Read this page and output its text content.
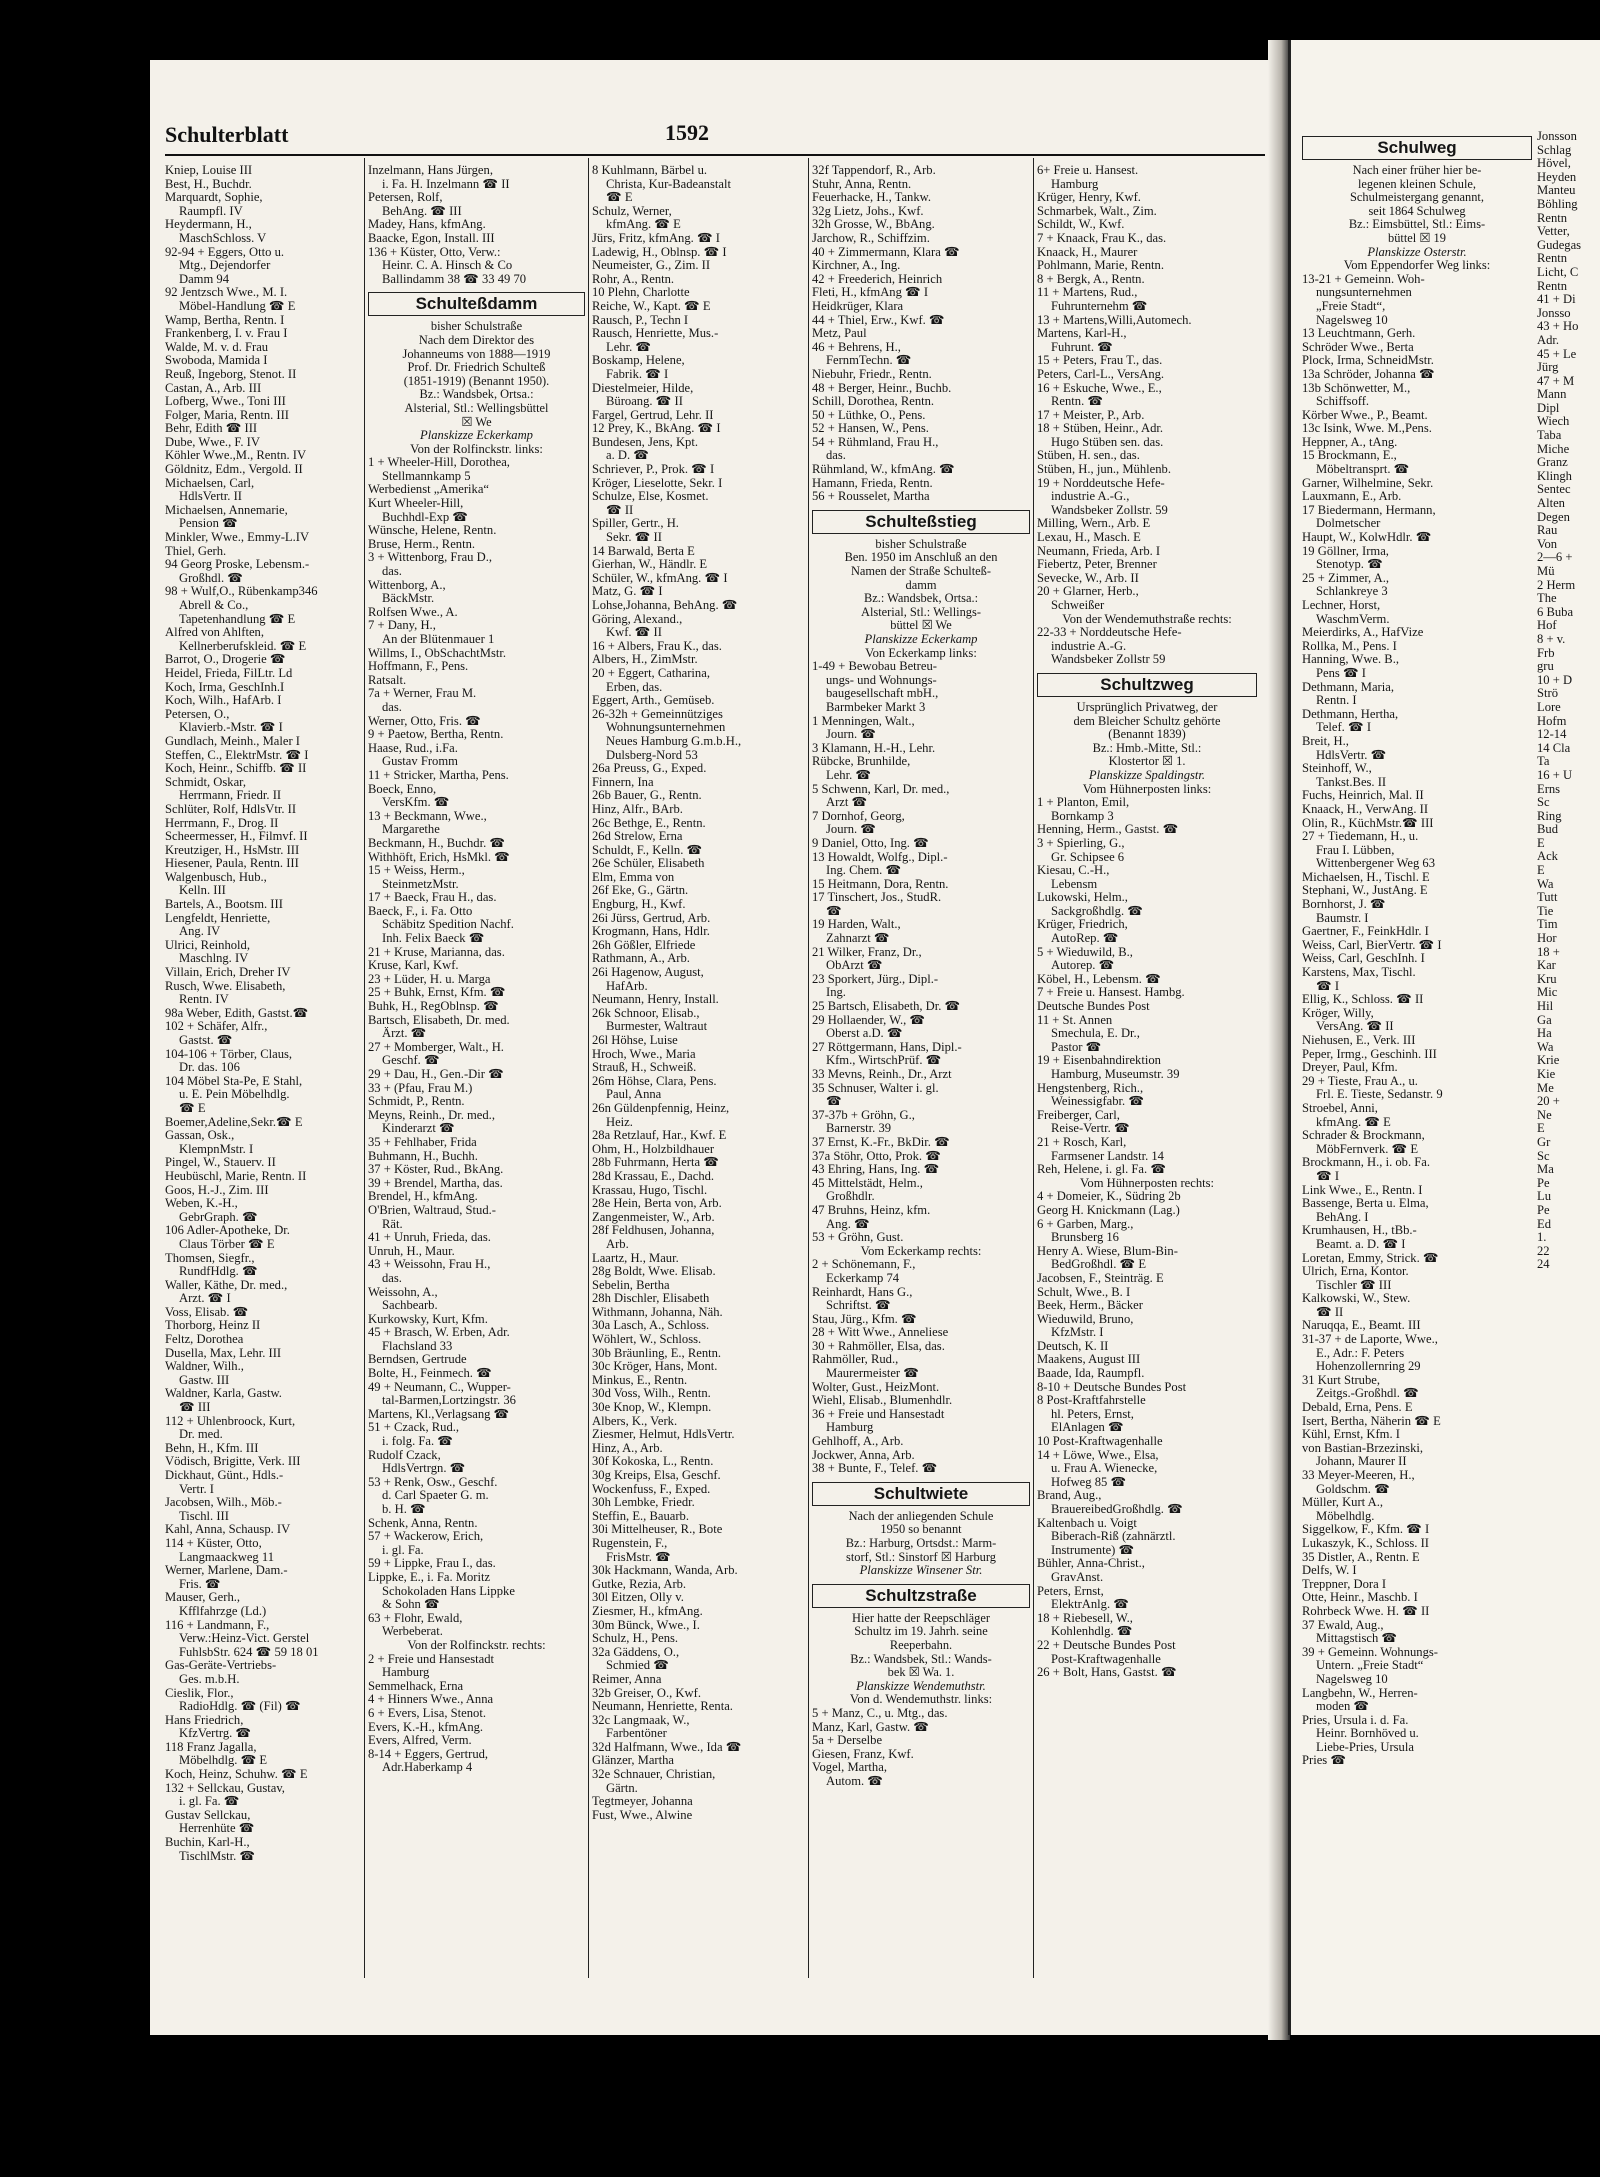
Schulterblatt	1592
Kniep, Louise III
Best, H., Buchdr.
Marquardt, Sophie,
Raumpfl. IV
Heydermann, H.,
MaschSchloss. V
92-94 + Eggers, Otto u.
Mtg., Dejendorfer
Damm 94
92 Jentzsch Wwe., M. I.
Möbel-Handlung ☎ E
Wamp, Bertha, Rentn. I
Frankenberg, I. v. Frau I
Walde, M. v. d. Frau
Swoboda, Mamida I
Reuß, Ingeborg, Stenot. II
Castan, A., Arb. III
Lofberg, Wwe., Toni III
Folger, Maria, Rentn. III
Behr, Edith ☎ III
Dube, Wwe., F. IV
Köhler Wwe.,M., Rentn. IV
Göldnitz, Edm., Vergold. II
Michaelsen, Carl,
HdlsVertr. II
Michaelsen, Annemarie,
Pension ☎
Minkler, Wwe., Emmy-L.IV
Thiel, Gerh.
94 Georg Proske, Lebensm.-
Großhdl. ☎
98 + Wulf,O., Rübenkamp346
Abrell & Co.,
Tapetenhandlung ☎ E
Alfred von Ahlften,
Kellnerberufskleid. ☎ E
Barrot, O., Drogerie ☎
Heidel, Frieda, FilLtr. Ld
Koch, Irma, GeschInh.I
Koch, Wilh., HafArb. I
Petersen, O.,
Klavierb.-Mstr. ☎ I
Gundlach, Meinh., Maler I
Steffen, C., ElektrMstr. ☎ I
Koch, Heinr., Schiffb. ☎ II
Schmidt, Oskar,
Herrmann, Friedr. II
Schlüter, Rolf, HdlsVtr. II
Herrmann, F., Drog. II
Scheermesser, H., Filmvf. II
Kreutziger, H., HsMstr. III
Hiesener, Paula, Rentn. III
Walgenbusch, Hub.,
Kelln. III
Bartels, A., Bootsm. III
Lengfeldt, Henriette,
Ang. IV
Ulrici, Reinhold,
Maschlng. IV
Villain, Erich, Dreher IV
Rusch, Wwe. Elisabeth,
Rentn. IV
98a Weber, Edith, Gastst.☎
102 + Schäfer, Alfr.,
Gastst. ☎
104-106 + Törber, Claus,
Dr. das. 106
104 Möbel Sta-Pe, E Stahl,
u. E. Pein Möbelhdlg.
☎ E
Boemer,Adeline,Sekr.☎ E
Gassan, Osk.,
KlempnMstr. I
Pingel, W., Stauerv. II
Heubüschl, Marie, Rentn. II
Goos, H.-J., Zim. III
Weben, K.-H.,
GebrGraph. ☎
106 Adler-Apotheke, Dr.
Claus Törber ☎ E
Thomsen, Siegfr.,
RundfHdlg. ☎
Waller, Käthe, Dr. med.,
Arzt. ☎ I
Voss, Elisab. ☎
Thorborg, Heinz II
Feltz, Dorothea
Dusella, Max, Lehr. III
Waldner, Wilh.,
Gastw. III
Waldner, Karla, Gastw.
☎ III
112 + Uhlenbroock, Kurt,
Dr. med.
Behn, H., Kfm. III
Vödisch, Brigitte, Verk. III
Dickhaut, Günt., Hdls.-
Vertr. I
Jacobsen, Wilh., Möb.-
Tischl. III
Kahl, Anna, Schausp. IV
114 + Küster, Otto,
Langmaackweg 11
Werner, Marlene, Dam.-
Fris. ☎
Mauser, Gerh.,
Kfflfahrzge (Ld.)
116 + Landmann, F.,
Verw.:Heinz-Vict. Gerstel
FuhlsbStr. 624 ☎ 59 18 01
Gas-Geräte-Vertriebs-
Ges. m.b.H.
Cieslik, Flor.,
RadioHdlg. ☎ (Fil) ☎
Hans Friedrich,
KfzVertrg. ☎
118 Franz Jagalla,
Möbelhdlg. ☎ E
Koch, Heinz, Schuhw. ☎ E
132 + Sellckau, Gustav,
i. gl. Fa. ☎
Gustav Sellckau,
Herrenhüte ☎
Buchin, Karl-H.,
TischlMstr. ☎
Inzelmann, Hans Jürgen,
i. Fa. H. Inzelmann ☎ II
Petersen, Rolf,
BehAng. ☎ III
Madey, Hans, kfmAng.
Baacke, Egon, Install. III
136 + Küster, Otto, Verw.:
Heinr. C. A. Hinsch & Co
Ballindamm 38 ☎ 33 49 70
Schulteßdamm
bisher Schulstraße
Nach dem Direktor des
Johanneums von 1888—1919
Prof. Dr. Friedrich Schulteß
(1851-1919) (Benannt 1950).
Bz.: Wandsbek, Ortsa.:
Alsterial, Stl.: Wellingsbüttel
☒ We
Planskizze Eckerkamp
Von der Rolfinckstr. links:
1 + Wheeler-Hill, Dorothea,
Stellmannkamp 5
Werbedienst „Amerika“
Kurt Wheeler-Hill,
Buchhdl-Exp ☎
Wünsche, Helene, Rentn.
Bruse, Herm., Rentn.
3 + Wittenborg, Frau D.,
das.
Wittenborg, A.,
BäckMstr.
Rolfsen Wwe., A.
7 + Dany, H.,
An der Blütenmauer 1
Willms, I., ObSchachtMstr.
Hoffmann, F., Pens.
Ratsalt.
7a + Werner, Frau M.
das.
Werner, Otto, Fris. ☎
9 + Paetow, Bertha, Rentn.
Haase, Rud., i.Fa.
Gustav Fromm
11 + Stricker, Martha, Pens.
Boeck, Enno,
VersKfm. ☎
13 + Beckmann, Wwe.,
Margarethe
Beckmann, H., Buchdr. ☎
Withhöft, Erich, HsMkl. ☎
15 + Weiss, Herm.,
SteinmetzMstr.
17 + Baeck, Frau H., das.
Baeck, F., i. Fa. Otto
Schäbitz Spedition Nachf.
Inh. Felix Baeck ☎
21 + Kruse, Marianna, das.
Kruse, Karl, Kwf.
23 + Lüder, H. u. Marga
25 + Buhk, Ernst, Kfm. ☎
Buhk, H., RegOblnsp. ☎
Bartsch, Elisabeth, Dr. med.
Ärzt. ☎
27 + Momberger, Walt., H.
Geschf. ☎
29 + Dau, H., Gen.-Dir ☎
33 + (Pfau, Frau M.)
Schmidt, P., Rentn.
Meyns, Reinh., Dr. med.,
Kinderarzt ☎
35 + Fehlhaber, Frida
Buhmann, H., Buchh.
37 + Köster, Rud., BkAng.
39 + Brendel, Martha, das.
Brendel, H., kfmAng.
O'Brien, Waltraud, Stud.-
Rät.
41 + Unruh, Frieda, das.
Unruh, H., Maur.
43 + Weissohn, Frau H.,
das.
Weissohn, A.,
Sachbearb.
Kurkowsky, Kurt, Kfm.
45 + Brasch, W. Erben, Adr.
Flachsland 33
Berndsen, Gertrude
Bolte, H., Feinmech. ☎
49 + Neumann, C., Wupper-
tal-Barmen,Lortzingstr. 36
Martens, Kl.,Verlagsang ☎
51 + Czack, Rud.,
i. folg. Fa. ☎
Rudolf Czack,
HdlsVertrgn. ☎
53 + Renk, Osw., Geschf.
d. Carl Spaeter G. m.
b. H. ☎
Schenk, Anna, Rentn.
57 + Wackerow, Erich,
i. gl. Fa.
59 + Lippke, Frau I., das.
Lippke, E., i. Fa. Moritz
Schokoladen Hans Lippke
& Sohn ☎
63 + Flohr, Ewald,
Werbeberat.
Von der Rolfinckstr. rechts:
2 + Freie und Hansestadt
Hamburg
Semmelhack, Erna
4 + Hinners Wwe., Anna
6 + Evers, Lisa, Stenot.
Evers, K.-H., kfmAng.
Evers, Alfred, Verm.
8-14 + Eggers, Gertrud,
Adr.Haberkamp 4
8 Kuhlmann, Bärbel u.
Christa, Kur-Badeanstalt
☎ E
Schulz, Werner,
kfmAng. ☎ E
Jürs, Fritz, kfmAng. ☎ I
Ladewig, H., Oblnsp. ☎ I
Neumeister, G., Zim. II
Rohr, A., Rentn.
10 Plehn, Charlotte
Reiche, W., Kapt. ☎ E
Rausch, P., Techn I
Rausch, Henriette, Mus.-
Lehr. ☎
Boskamp, Helene,
Fabrik. ☎ I
Diestelmeier, Hilde,
Büroang. ☎ II
Fargel, Gertrud, Lehr. II
12 Prey, K., BkAng. ☎ I
Bundesen, Jens, Kpt.
a. D. ☎
Schriever, P., Prok. ☎ I
Kröger, Lieselotte, Sekr. I
Schulze, Else, Kosmet.
☎ II
Spiller, Gertr., H.
Sekr. ☎ II
14 Barwald, Berta E
Gierhan, W., Händlr. E
Schüler, W., kfmAng. ☎ I
Matz, G. ☎ I
Lohse,Johanna, BehAng. ☎
Göring, Alexand.,
Kwf. ☎ II
16 + Albers, Frau K., das.
Albers, H., ZimMstr.
20 + Eggert, Catharina,
Erben, das.
Eggert, Arth., Gemüseb.
26-32h + Gemeinnütziges
Wohnungsunternehmen
Neues Hamburg G.m.b.H.,
Dulsberg-Nord 53
26a Preuss, G., Exped.
Finnern, Ina
26b Bauer, G., Rentn.
Hinz, Alfr., BArb.
26c Bethge, E., Rentn.
26d Strelow, Erna
Schuldt, F., Kelln. ☎
26e Schüler, Elisabeth
Elm, Emma von
26f Eke, G., Gärtn.
Engburg, H., Kwf.
26i Jürss, Gertrud, Arb.
Krogmann, Hans, Hdlr.
26h Gößler, Elfriede
Rathmann, A., Arb.
26i Hagenow, August,
HafArb.
Neumann, Henry, Install.
26k Schnoor, Elisab.,
Burmester, Waltraut
26l Höhse, Luise
Hroch, Wwe., Maria
Strauß, H., Schweiß.
26m Höhse, Clara, Pens.
Paul, Anna
26n Güldenpfennig, Heinz,
Heiz.
28a Retzlauf, Har., Kwf. E
Ohm, H., Holzbildhauer
28b Fuhrmann, Herta ☎
28d Krassau, E., Dachd.
Krassau, Hugo, Tischl.
28e Hein, Berta von, Arb.
Zangenmeister, W., Arb.
28f Feldhusen, Johanna,
Arb.
Laartz, H., Maur.
28g Boldt, Wwe. Elisab.
Sebelin, Bertha
28h Dischler, Elisabeth
Withmann, Johanna, Näh.
30a Lasch, A., Schloss.
Wöhlert, W., Schloss.
30b Bräunling, E., Rentn.
30c Kröger, Hans, Mont.
Minkus, E., Rentn.
30d Voss, Wilh., Rentn.
30e Knop, W., Klempn.
Albers, K., Verk.
Ziesmer, Helmut, HdlsVertr.
Hinz, A., Arb.
30f Kokoska, L., Rentn.
30g Kreips, Elsa, Geschf.
Wockenfuss, F., Exped.
30h Lembke, Friedr.
Steffin, E., Bauarb.
30i Mittelheuser, R., Bote
Rugenstein, F.,
FrisMstr. ☎
30k Hackmann, Wanda, Arb.
Gutke, Rezia, Arb.
30l Eitzen, Olly v.
Ziesmer, H., kfmAng.
30m Bünck, Wwe., I.
Schulz, H., Pens.
32a Gäddens, O.,
Schmied ☎
Reimer, Anna
32b Greiser, O., Kwf.
Neumann, Henriette, Renta.
32c Langmaak, W.,
Farbentöner
32d Halfmann, Wwe., Ida ☎
Glänzer, Martha
32e Schnauer, Christian,
Gärtn.
Tegtmeyer, Johanna
Fust, Wwe., Alwine
32f Tappendorf, R., Arb.
Stuhr, Anna, Rentn.
Feuerhacke, H., Tankw.
32g Lietz, Johs., Kwf.
32h Grosse, W., BbAng.
Jarchow, R., Schiffzim.
40 + Zimmermann, Klara ☎
Kirchner, A., Ing.
42 + Freederich, Heinrich
Fleti, H., kfmAng ☎ I
Heidkrüger, Klara
44 + Thiel, Erw., Kwf. ☎
Metz, Paul
46 + Behrens, H.,
FernmTechn. ☎
Niebuhr, Friedr., Rentn.
48 + Berger, Heinr., Buchb.
Schill, Dorothea, Rentn.
50 + Lüthke, O., Pens.
52 + Hansen, W., Pens.
54 + Rühmland, Frau H.,
das.
Rühmland, W., kfmAng. ☎
Hamann, Frieda, Rentn.
56 + Rousselet, Martha
Schulteßstieg
bisher Schulstraße
Ben. 1950 im Anschluß an den
Namen der Straße Schulteß-
damm
Bz.: Wandsbek, Ortsa.:
Alsterial, Stl.: Wellings-
büttel ☒ We
Planskizze Eckerkamp
Von Eckerkamp links:
1-49 + Bewobau Betreu-
ungs- und Wohnungs-
baugesellschaft mbH.,
Barmbeker Markt 3
1 Menningen, Walt.,
Journ. ☎
3 Klamann, H.-H., Lehr.
Rübcke, Brunhilde,
Lehr. ☎
5 Schwenn, Karl, Dr. med.,
Arzt ☎
7 Dornhof, Georg,
Journ. ☎
9 Daniel, Otto, Ing. ☎
13 Howaldt, Wolfg., Dipl.-
Ing. Chem. ☎
15 Heitmann, Dora, Rentn.
17 Tinschert, Jos., StudR.
☎
19 Harden, Walt.,
Zahnarzt ☎
21 Wilker, Franz, Dr.,
ObArzt ☎
23 Sporkert, Jürg., Dipl.-
Ing.
25 Bartsch, Elisabeth, Dr. ☎
29 Hollaender, W., ☎
Oberst a.D. ☎
27 Röttgermann, Hans, Dipl.-
Kfm., WirtschPrüf. ☎
33 Mevns, Reinh., Dr., Arzt
35 Schnuser, Walter i. gl.
☎
37-37b + Gröhn, G.,
Barnerstr. 39
37 Ernst, K.-Fr., BkDir. ☎
37a Stöhr, Otto, Prok. ☎
43 Ehring, Hans, Ing. ☎
45 Mittelstädt, Helm.,
Großhdlr.
47 Bruhns, Heinz, kfm.
Ang. ☎
53 + Gröhn, Gust.
Vom Eckerkamp rechts:
2 + Schönemann, F.,
Eckerkamp 74
Reinhardt, Hans G.,
Schriftst. ☎
Stau, Jürg., Kfm. ☎
28 + Witt Wwe., Anneliese
30 + Rahmöller, Elsa, das.
Rahmöller, Rud.,
Maurermeister ☎
Wolter, Gust., HeizMont.
Wiehl, Elisab., Blumenhdlr.
36 + Freie und Hansestadt
Hamburg
Gehlhoff, A., Arb.
Jockwer, Anna, Arb.
38 + Bunte, F., Telef. ☎
Schultwiete
Nach der anliegenden Schule
1950 so benannt
Bz.: Harburg, Ortsdst.: Marm-
storf, Stl.: Sinstorf ☒ Harburg
Planskizze Winsener Str.
Schultzstraße
Hier hatte der Reepschläger
Schultz im 19. Jahrh. seine
Reeperbahn.
Bz.: Wandsbek, Stl.: Wands-
bek ☒ Wa. 1.
Planskizze Wendemuthstr.
Von d. Wendemuthstr. links:
5 + Manz, C., u. Mtg., das.
Manz, Karl, Gastw. ☎
5a + Derselbe
Giesen, Franz, Kwf.
Vogel, Martha,
Autom. ☎
6+ Freie u. Hansest.
Hamburg
Krüger, Henry, Kwf.
Schmarbek, Walt., Zim.
Schildt, W., Kwf.
7 + Knaack, Frau K., das.
Knaack, H., Maurer
Pohlmann, Marie, Rentn.
8 + Bergk, A., Rentn.
11 + Martens, Rud.,
Fuhrunternehm ☎
13 + Martens,Willi,Automech.
Martens, Karl-H.,
Fuhrunt. ☎
15 + Peters, Frau T., das.
Peters, Carl-L., VersAng.
16 + Eskuche, Wwe., E.,
Rentn. ☎
17 + Meister, P., Arb.
18 + Stüben, Heinr., Adr.
Hugo Stüben sen. das.
Stüben, H. sen., das.
Stüben, H., jun., Mühlenb.
19 + Norddeutsche Hefe-
industrie A.-G.,
Wandsbeker Zollstr. 59
Milling, Wern., Arb. E
Lexau, H., Masch. E
Neumann, Frieda, Arb. I
Fiebertz, Peter, Brenner
Sevecke, W., Arb. II
20 + Glarner, Herb.,
Schweißer
Von der Wendemuthstraße rechts:
22-33 + Norddeutsche Hefe-
industrie A.-G.
Wandsbeker Zollstr 59
Schultzweg
Ursprünglich Privatweg, der
dem Bleicher Schultz gehörte
(Benannt 1839)
Bz.: Hmb.-Mitte, Stl.:
Klostertor ☒ 1.
Planskizze Spaldingstr.
Vom Hühnerposten links:
1 + Planton, Emil,
Bornkamp 3
Henning, Herm., Gastst. ☎
3 + Spierling, G.,
Gr. Schipsee 6
Kiesau, C.-H.,
Lebensm
Lukowski, Helm.,
Sackgroßhdlg. ☎
Krüger, Friedrich,
AutoRep. ☎
5 + Wieduwild, B.,
Autorep. ☎
Köbel, H., Lebensm. ☎
7 + Freie u. Hansest. Hambg.
Deutsche Bundes Post
11 + St. Annen
Smechula, E. Dr.,
Pastor ☎
19 + Eisenbahndirektion
Hamburg, Museumstr. 39
Hengstenberg, Rich.,
Weinessigfabr. ☎
Freiberger, Carl,
Reise-Vertr. ☎
21 + Rosch, Karl,
Farmsener Landstr. 14
Reh, Helene, i. gl. Fa. ☎
Vom Hühnerposten rechts:
4 + Domeier, K., Südring 2b
Georg H. Knickmann (Lag.)
6 + Garben, Marg.,
Brunsberg 16
Henry A. Wiese, Blum-Bin-
BedGroßhdl. ☎ E
Jacobsen, F., Steinträg. E
Schult, Wwe., B. I
Beek, Herm., Bäcker
Wieduwild, Bruno,
KfzMstr. I
Deutsch, K. II
Maakens, August III
Baade, Ida, Raumpfl.
8-10 + Deutsche Bundes Post
8 Post-Kraftfahrstelle
hl. Peters, Ernst,
ElAnlagen ☎
10 Post-Kraftwagenhalle
14 + Löwe, Wwe., Elsa,
u. Frau A. Wienecke,
Hofweg 85 ☎
Brand, Aug.,
BrauereibedGroßhdlg. ☎
Kaltenbach u. Voigt
Biberach-Riß (zahnärztl.
Instrumente) ☎
Bühler, Anna-Christ.,
GravAnst.
Peters, Ernst,
ElektrAnlg. ☎
18 + Riebesell, W.,
Kohlenhdlg. ☎
22 + Deutsche Bundes Post
Post-Kraftwagenhalle
26 + Bolt, Hans, Gastst. ☎
Schulweg
Nach einer früher hier be-
legenen kleinen Schule,
Schulmeistergang genannt,
seit 1864 Schulweg
Bz.: Eimsbüttel, Stl.: Eims-
büttel ☒ 19
Planskizze Osterstr.
Vom Eppendorfer Weg links:
13-21 + Gemeinn. Woh-
nungsunternehmen
„Freie Stadt“,
Nagelsweg 10
13 Leuchtmann, Gerh.
Schröder Wwe., Berta
Plock, Irma, SchneidMstr.
13a Schröder, Johanna ☎
13b Schönwetter, M.,
Schiffsoff.
Körber Wwe., P., Beamt.
13c Isink, Wwe. M.,Pens.
Heppner, A., tAng.
15 Brockmann, E.,
Möbeltransprt. ☎
Garner, Wilhelmine, Sekr.
Lauxmann, E., Arb.
17 Biedermann, Hermann,
Dolmetscher
Haupt, W., KolwHdlr. ☎
19 Göllner, Irma,
Stenotyp. ☎
25 + Zimmer, A.,
Schlankreye 3
Lechner, Horst,
WaschmVerm.
Meierdirks, A., HafVize
Rollka, M., Pens. I
Hanning, Wwe. B.,
Pens ☎ I
Dethmann, Maria,
Rentn. I
Dethmann, Hertha,
Telef. ☎ I
Breit, H.,
HdlsVertr. ☎
Steinhoff, W.,
Tankst.Bes. II
Fuchs, Heinrich, Mal. II
Knaack, H., VerwAng. II
Olin, R., KüchMstr.☎ III
27 + Tiedemann, H., u.
Frau I. Lübben,
Wittenbergener Weg 63
Michaelsen, H., Tischl. E
Stephani, W., JustAng. E
Bornhorst, J. ☎
Baumstr. I
Gaertner, F., FeinkHdlr. I
Weiss, Carl, BierVertr. ☎ I
Weiss, Carl, GeschInh. I
Karstens, Max, Tischl.
☎ I
Ellig, K., Schloss. ☎ II
Kröger, Willy,
VersAng. ☎ II
Niehusen, E., Verk. III
Peper, Irmg., Geschinh. III
Dreyer, Paul, Kfm.
29 + Tieste, Frau A., u.
Frl. E. Tieste, Sedanstr. 9
Stroebel, Anni,
kfmAng. ☎ E
Schrader & Brockmann,
MöbFernverk. ☎ E
Brockmann, H., i. ob. Fa.
☎ I
Link Wwe., E., Rentn. I
Bassenge, Berta u. Elma,
BehAng. I
Krumhausen, H., tBb.-
Beamt. a. D. ☎ I
Loretan, Emmy, Strick. ☎
Ulrich, Erna, Kontor.
Tischler ☎ III
Kalkowski, W., Stew.
☎ II
Naruqqa, E., Beamt. III
31-37 + de Laporte, Wwe.,
E., Adr.: F. Peters
Hohenzollernring 29
31 Kurt Strube,
Zeitgs.-Großhdl. ☎
Debald, Erna, Pens. E
Isert, Bertha, Näherin ☎ E
Kühl, Ernst, Kfm. I
von Bastian-Brzezinski,
Johann, Maurer II
33 Meyer-Meeren, H.,
Goldschm. ☎
Müller, Kurt A.,
Möbelhdlg.
Siggelkow, F., Kfm. ☎ I
Lukaszyk, K., Schloss. II
35 Distler, A., Rentn. E
Delfs, W. I
Treppner, Dora I
Otte, Heinr., Maschb. I
Rohrbeck Wwe. H. ☎ II
37 Ewald, Aug.,
Mittagstisch ☎
39 + Gemeinn. Wohnungs-
Untern. „Freie Stadt“
Nagelsweg 10
Langbehn, W., Herren-
moden ☎
Pries, Ursula i. d. Fa.
Heinr. Bornhöved u.
Liebe-Pries, Ursula
Pries ☎
Jonsson
Schlag
Hövel,
Heyden
Manteu
Böhling
Rentn
Vetter,
Gudegas
Rentn
Licht, C
Rentn
41 + Di
Jonsso
43 + Ho
Adr.
45 + Le
Jürg
47 + M
Mann
Dipl
Wiech
Taba
Miche
Granz
Klingh
Sentec
Alten
Degen
Rau
Von
2—6 +
Mü
2 Herm
The
6 Buba
Hof
8 + v.
Frb
gru
10 + D
Strö
Lore
Hofm
12-14
14 Cla
Ta
16 + U
Erns
Sc
Ring
Bud
E
Ack
E
Wa
Tutt
Tie
Tim
Hor
18 +
Kar
Kru
Mic
Hil
Ga
Ha
Wa
Krie
Kie
Me
20 +
Ne
E
Gr
Sc
Ma
Pe
Lu
Pe
Ed
1.
22
24
